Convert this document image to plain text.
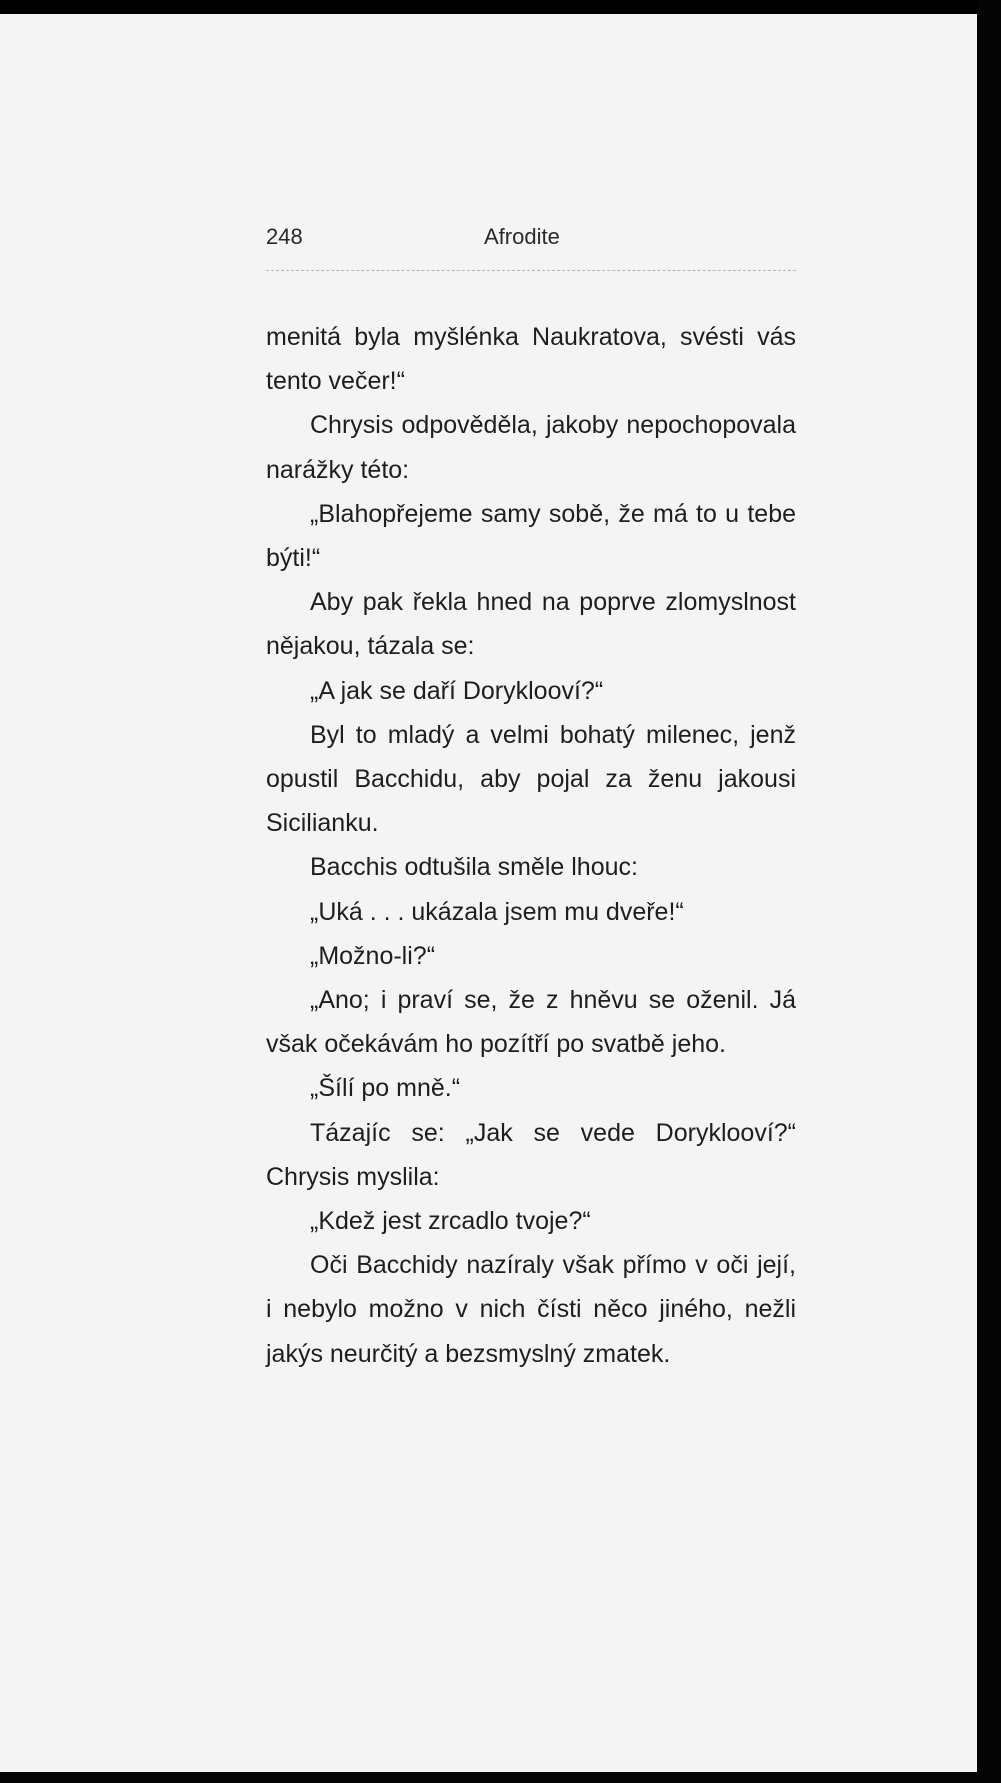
248	Afrodite

menitá byla myšlénka Naukratova, svésti vás tento večer!“

Chrysis odpověděla, jakoby nepochopovala narážky této:

„Blahopřejeme samy sobě, že má to u tebe býti!“

Aby pak řekla hned na poprve zlomyslnost nějakou, tázala se:

„A jak se daří Doryklooví?“

Byl to mladý a velmi bohatý milenec, jenž opustil Bacchidu, aby pojal za ženu jakousi Sicilianku.

Bacchis odtušila směle lhouc:

„Uká . . . ukázala jsem mu dveře!“

„Možno-li?“

„Ano; i praví se, že z hněvu se oženil. Já však očekávám ho pozítří po svatbě jeho.

„Šílí po mně.“

Tázajíc se: „Jak se vede Doryklooví?“ Chrysis myslila:

„Kdež jest zrcadlo tvoje?“

Oči Bacchidy nazíraly však přímo v oči její, i nebylo možno v nich čísti něco jiného, nežli jakýs neurčitý a bezsmyslný zmatek.
